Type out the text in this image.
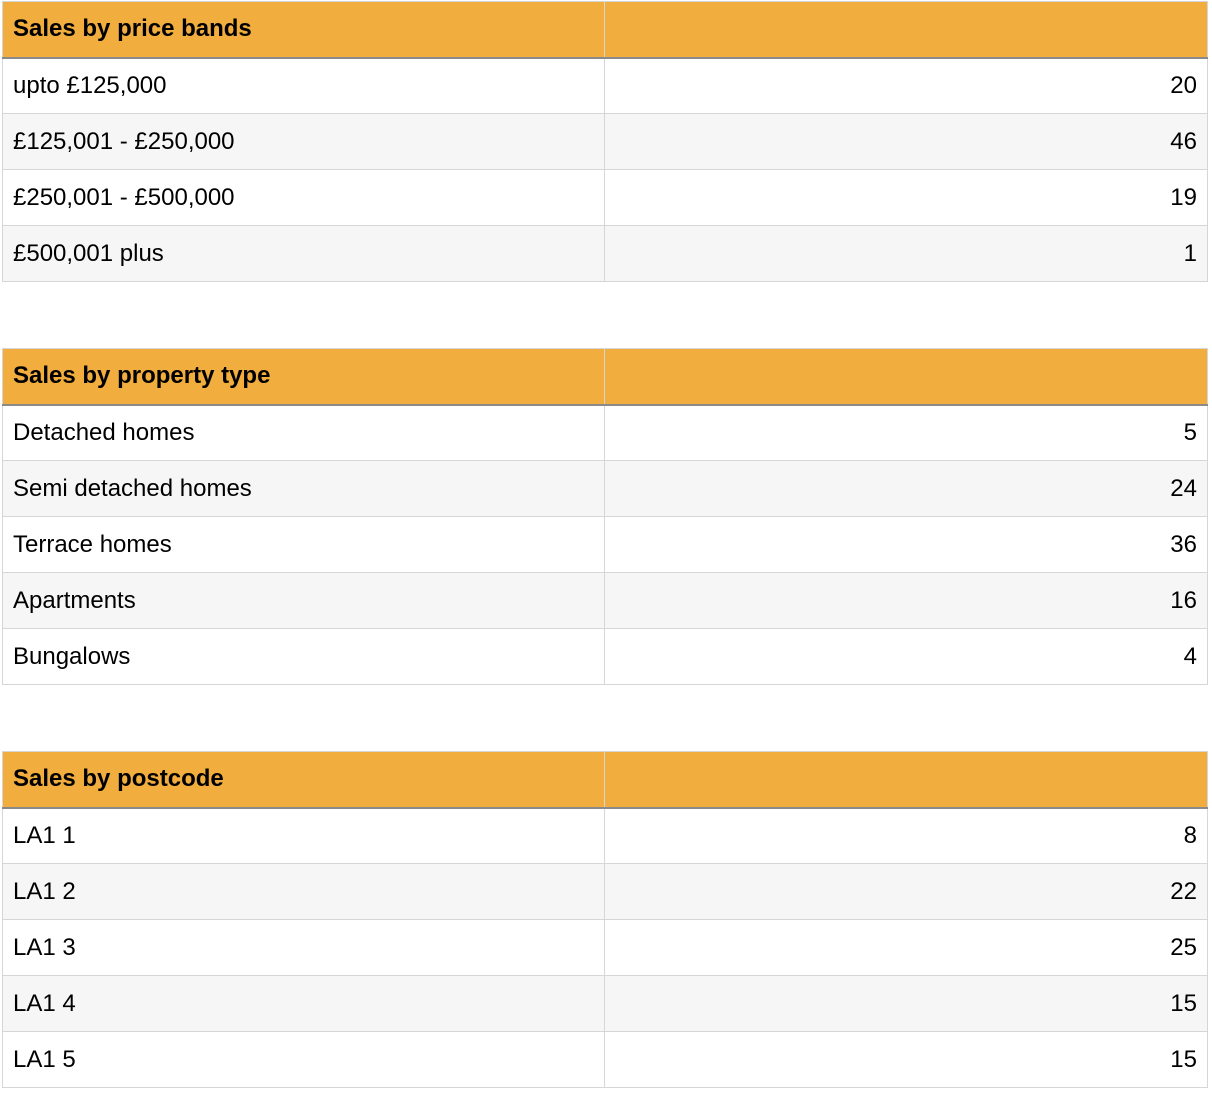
Sales by price bands	
upto £125,000	20
£125,001 - £250,000	46
£250,001 - £500,000	19
£500,001 plus	1
Sales by property type	
Detached homes	5
Semi detached homes	24
Terrace homes	36
Apartments	16
Bungalows	4
Sales by postcode	
LA1 1	8
LA1 2	22
LA1 3	25
LA1 4	15
LA1 5	15
